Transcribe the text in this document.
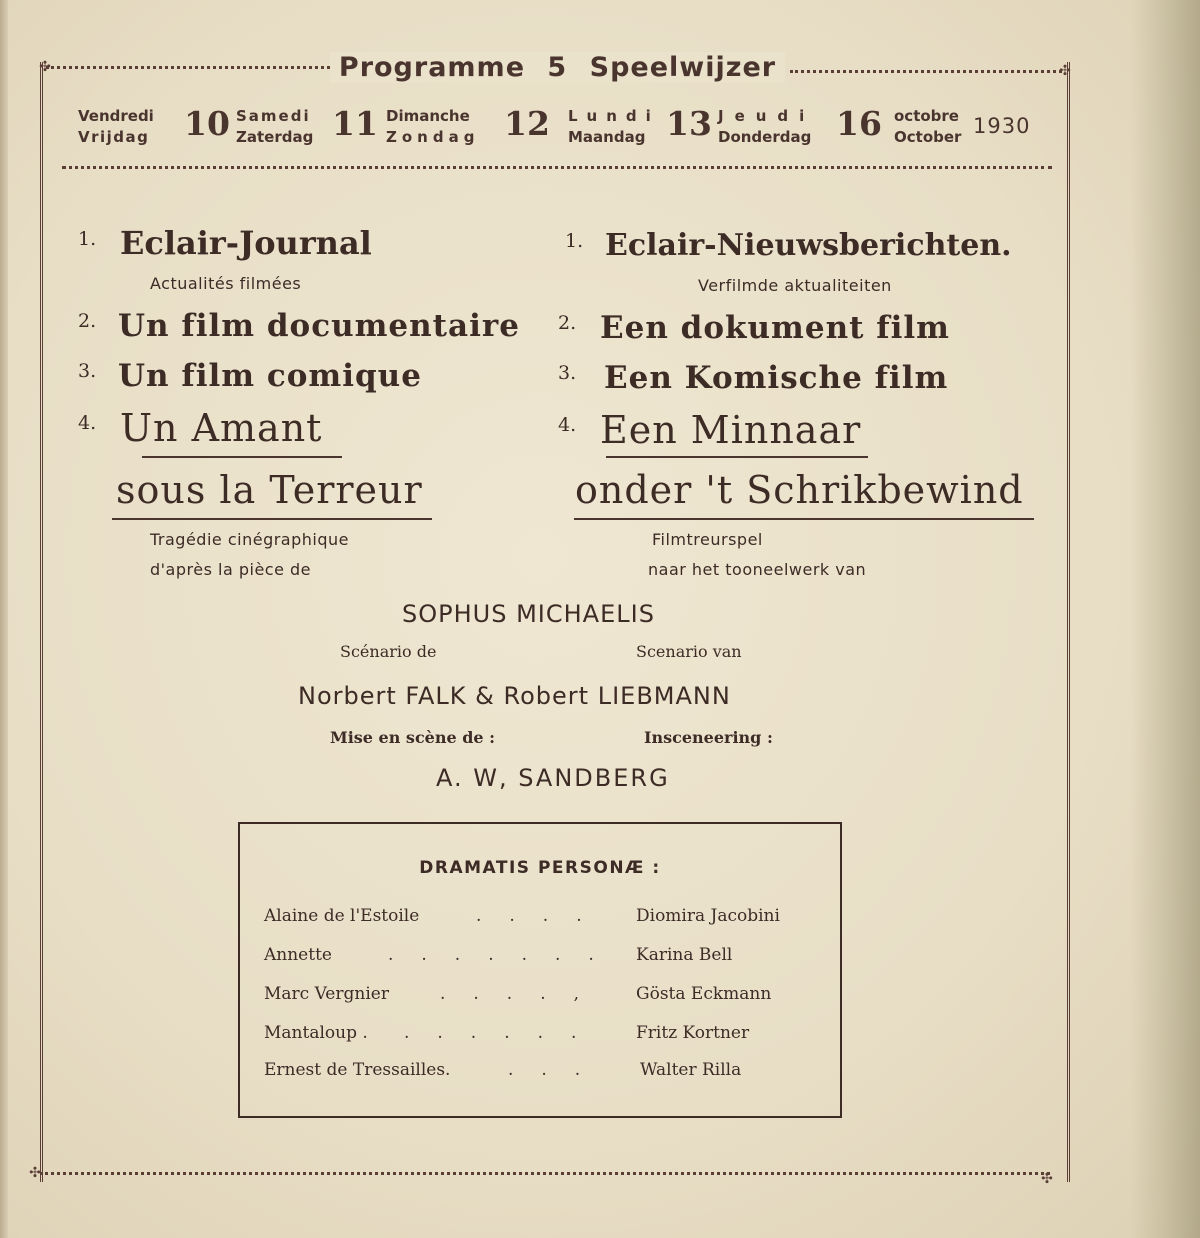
✣	✣
✣	✣
Programme 5 Speelwijzer
Vendredi
Vrijdag 10 Samedi
Zaterdag 11 Dimanche
Zondag 12 Lundi
Maandag 13 Jeudi
Donderdag 16 octobre
October 1930
1. Eclair-Journal
Actualités filmées
2. Un film documentaire
3. Un film comique
4. Un Amant
sous la Terreur
Tragédie cinégraphique
d'après la pièce de
1. Eclair-Nieuwsberichten.
Verfilmde aktualiteiten
2. Een dokument film
3. Een Komische film
4. Een Minnaar
onder 't Schrikbewind
Filmtreurspel
naar het tooneelwerk van
SOPHUS MICHAELIS
Scénario de	Scenario van
Norbert FALK & Robert LIEBMANN
Mise en scène de :	Insceneering :
A. W, SANDBERG
DRAMATIS PERSONÆ :
Alaine de l'Estoile	.... Diomira Jacobini
Annette	....... Karina Bell
Marc Vergnier	...., Gösta Eckmann
Mantaloup . ...... Fritz Kortner
Ernest de Tressailles.	... Walter Rilla
